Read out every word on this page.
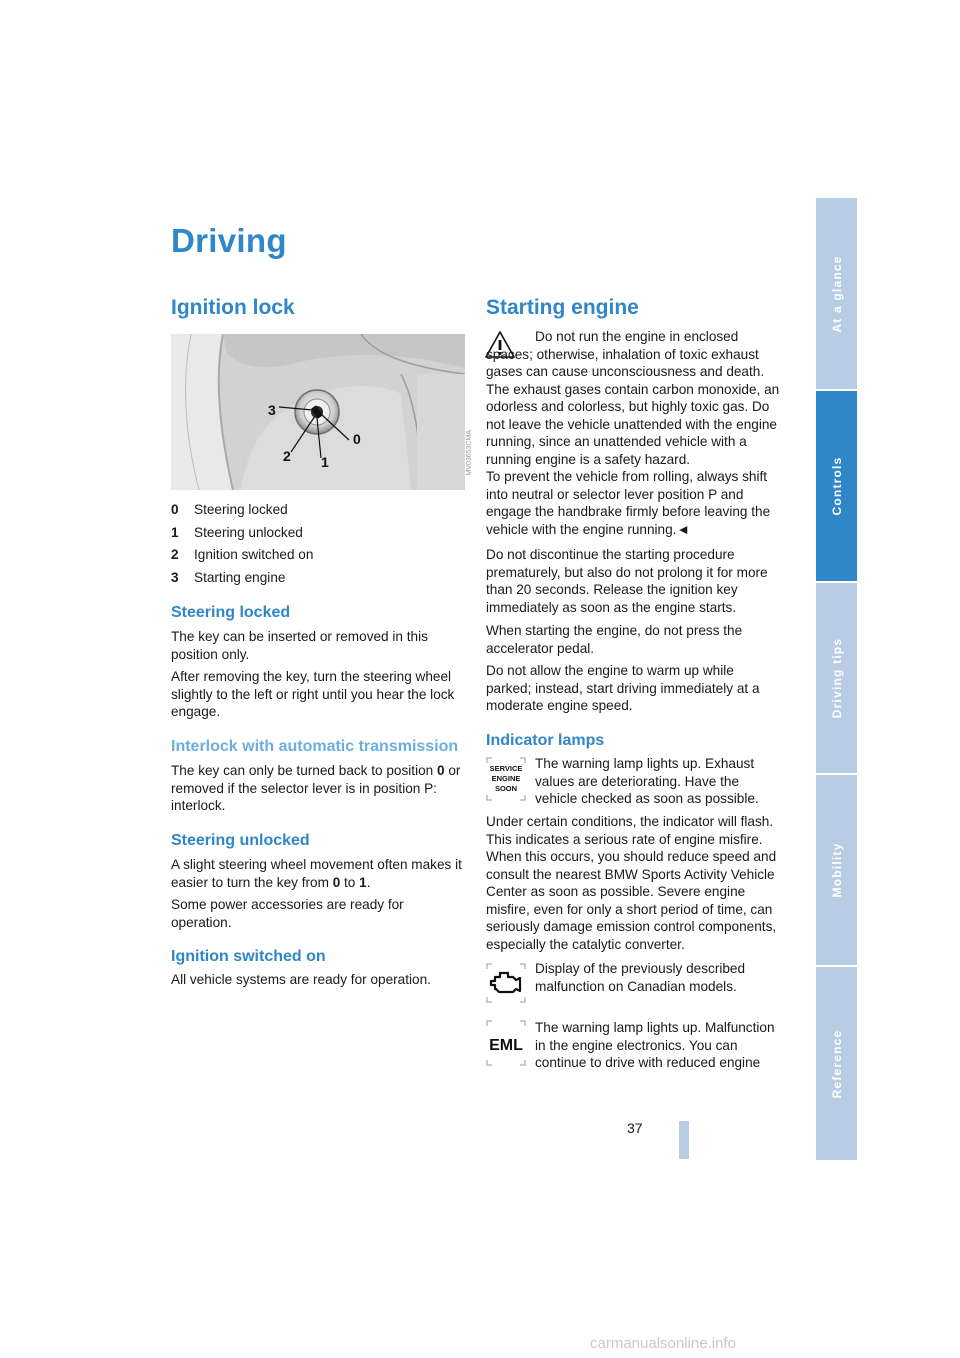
At a glance
Controls
Driving tips
Mobility
Reference
Driving
Ignition lock
3
0
2 1	MV03653CMA
0 Steering locked
1 Steering unlocked
2 Ignition switched on
3 Starting engine
Steering locked

The key can be inserted or removed in this position only.

After removing the key, turn the steering wheel slightly to the left or right until you hear the lock engage.

Interlock with automatic transmission

The key can only be turned back to position 0 or removed if the selector lever is in position P: interlock.

Steering unlocked

A slight steering wheel movement often makes it easier to turn the key from 0 to 1.

Some power accessories are ready for operation.

Ignition switched on

All vehicle systems are ready for operation.

Starting engine

Do not run the engine in enclosed spaces; otherwise, inhalation of toxic exhaust gases can cause unconsciousness and death. The exhaust gases contain carbon monoxide, an odorless and colorless, but highly toxic gas. Do not leave the vehicle unattended with the engine running, since an unattended vehicle with a running engine is a safety hazard.

To prevent the vehicle from rolling, always shift into neutral or selector lever position P and engage the handbrake firmly before leaving the vehicle with the engine running.◄

Do not discontinue the starting procedure prematurely, but also do not prolong it for more than 20 seconds. Release the ignition key immediately as soon as the engine starts.

When starting the engine, do not press the accelerator pedal.

Do not allow the engine to warm up while parked; instead, start driving immediately at a moderate engine speed.

Indicator lamps
SERVICE
ENGINE
SOON

The warning lamp lights up. Exhaust values are deteriorating. Have the vehicle checked as soon as possible.

Under certain conditions, the indicator will flash. This indicates a serious rate of engine misfire. When this occurs, you should reduce speed and consult the nearest BMW Sports Activity Vehicle Center as soon as possible. Severe engine misfire, even for only a short period of time, can seriously damage emission control components, especially the catalytic converter.

Display of the previously described malfunction on Canadian models.

EML

The warning lamp lights up. Malfunction in the engine electronics. You can continue to drive with reduced engine

37
carmanualsonline.info
